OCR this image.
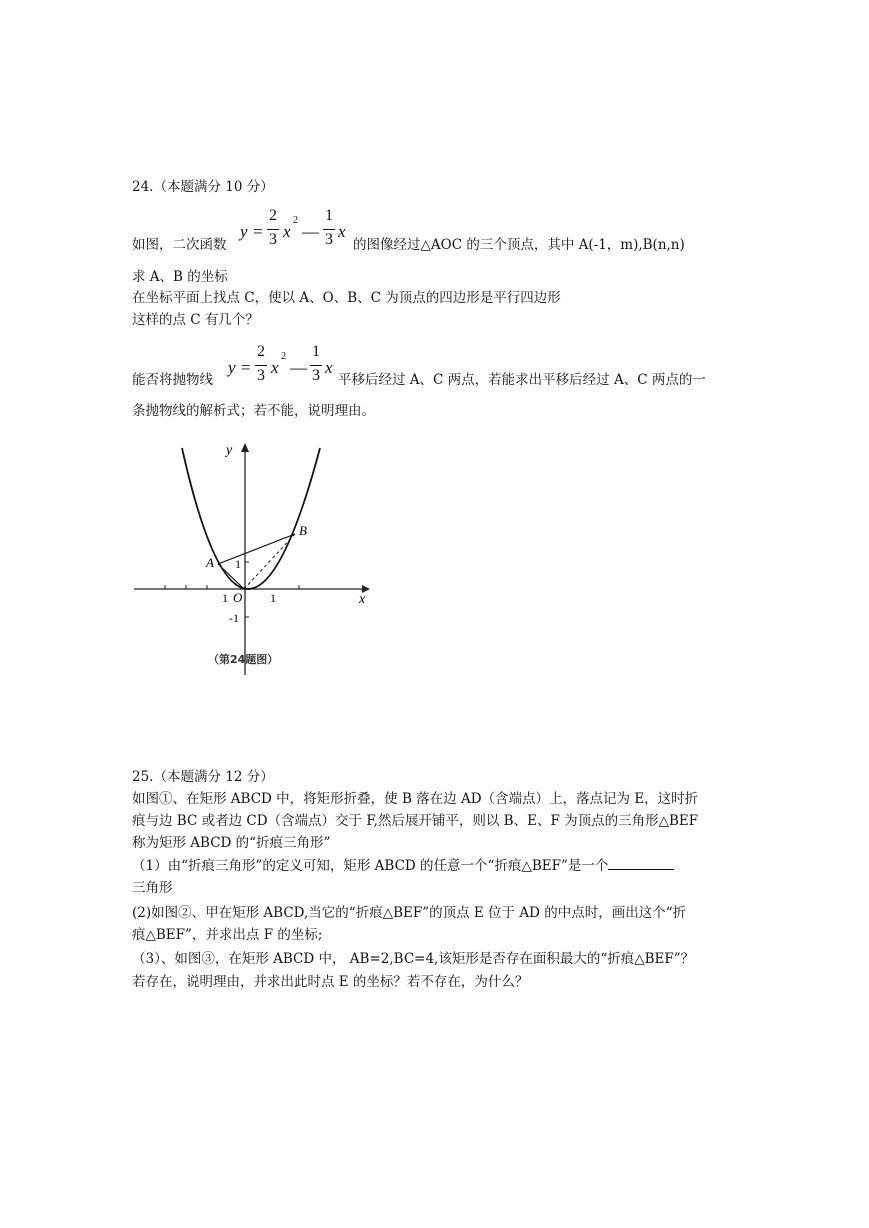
24.（本题满分 10 分）
y =
2
3 x
2
—
1
3 x
如图，二次函数	的图像经过△AOC 的三个顶点，其中 A(-1，m),B(n,n)
求 A、B 的坐标
在坐标平面上找点 C，使以 A、O、B、C 为顶点的四边形是平行四边形
这样的点 C 有几个？
y =
2
3 x
2
—
1
3 x
能否将抛物线	平移后经过 A、C 两点，若能求出平移后经过 A、C 两点的一
条抛物线的解析式；若不能，说明理由。
y
x
A
B
O
1
1
1
-1
（第24题图）
25.（本题满分 12 分）
如图①、在矩形 ABCD 中，将矩形折叠，使 B 落在边 AD（含端点）上，落点记为 E，这时折
痕与边 BC 或者边 CD（含端点）交于 F,然后展开铺平，则以 B、E、F 为顶点的三角形△BEF
称为矩形 ABCD 的“折痕三角形”
（1）由“折痕三角形”的定义可知，矩形 ABCD 的任意一个“折痕△BEF”是一个
三角形
(2)如图②、甲在矩形 ABCD,当它的“折痕△BEF”的顶点 E 位于 AD 的中点时，画出这个“折
痕△BEF”，并求出点 F 的坐标;
（3）、如图③，在矩形 ABCD 中， AB=2,BC=4,该矩形是否存在面积最大的“折痕△BEF”？
若存在，说明理由，并求出此时点 E 的坐标？若不存在，为什么？
